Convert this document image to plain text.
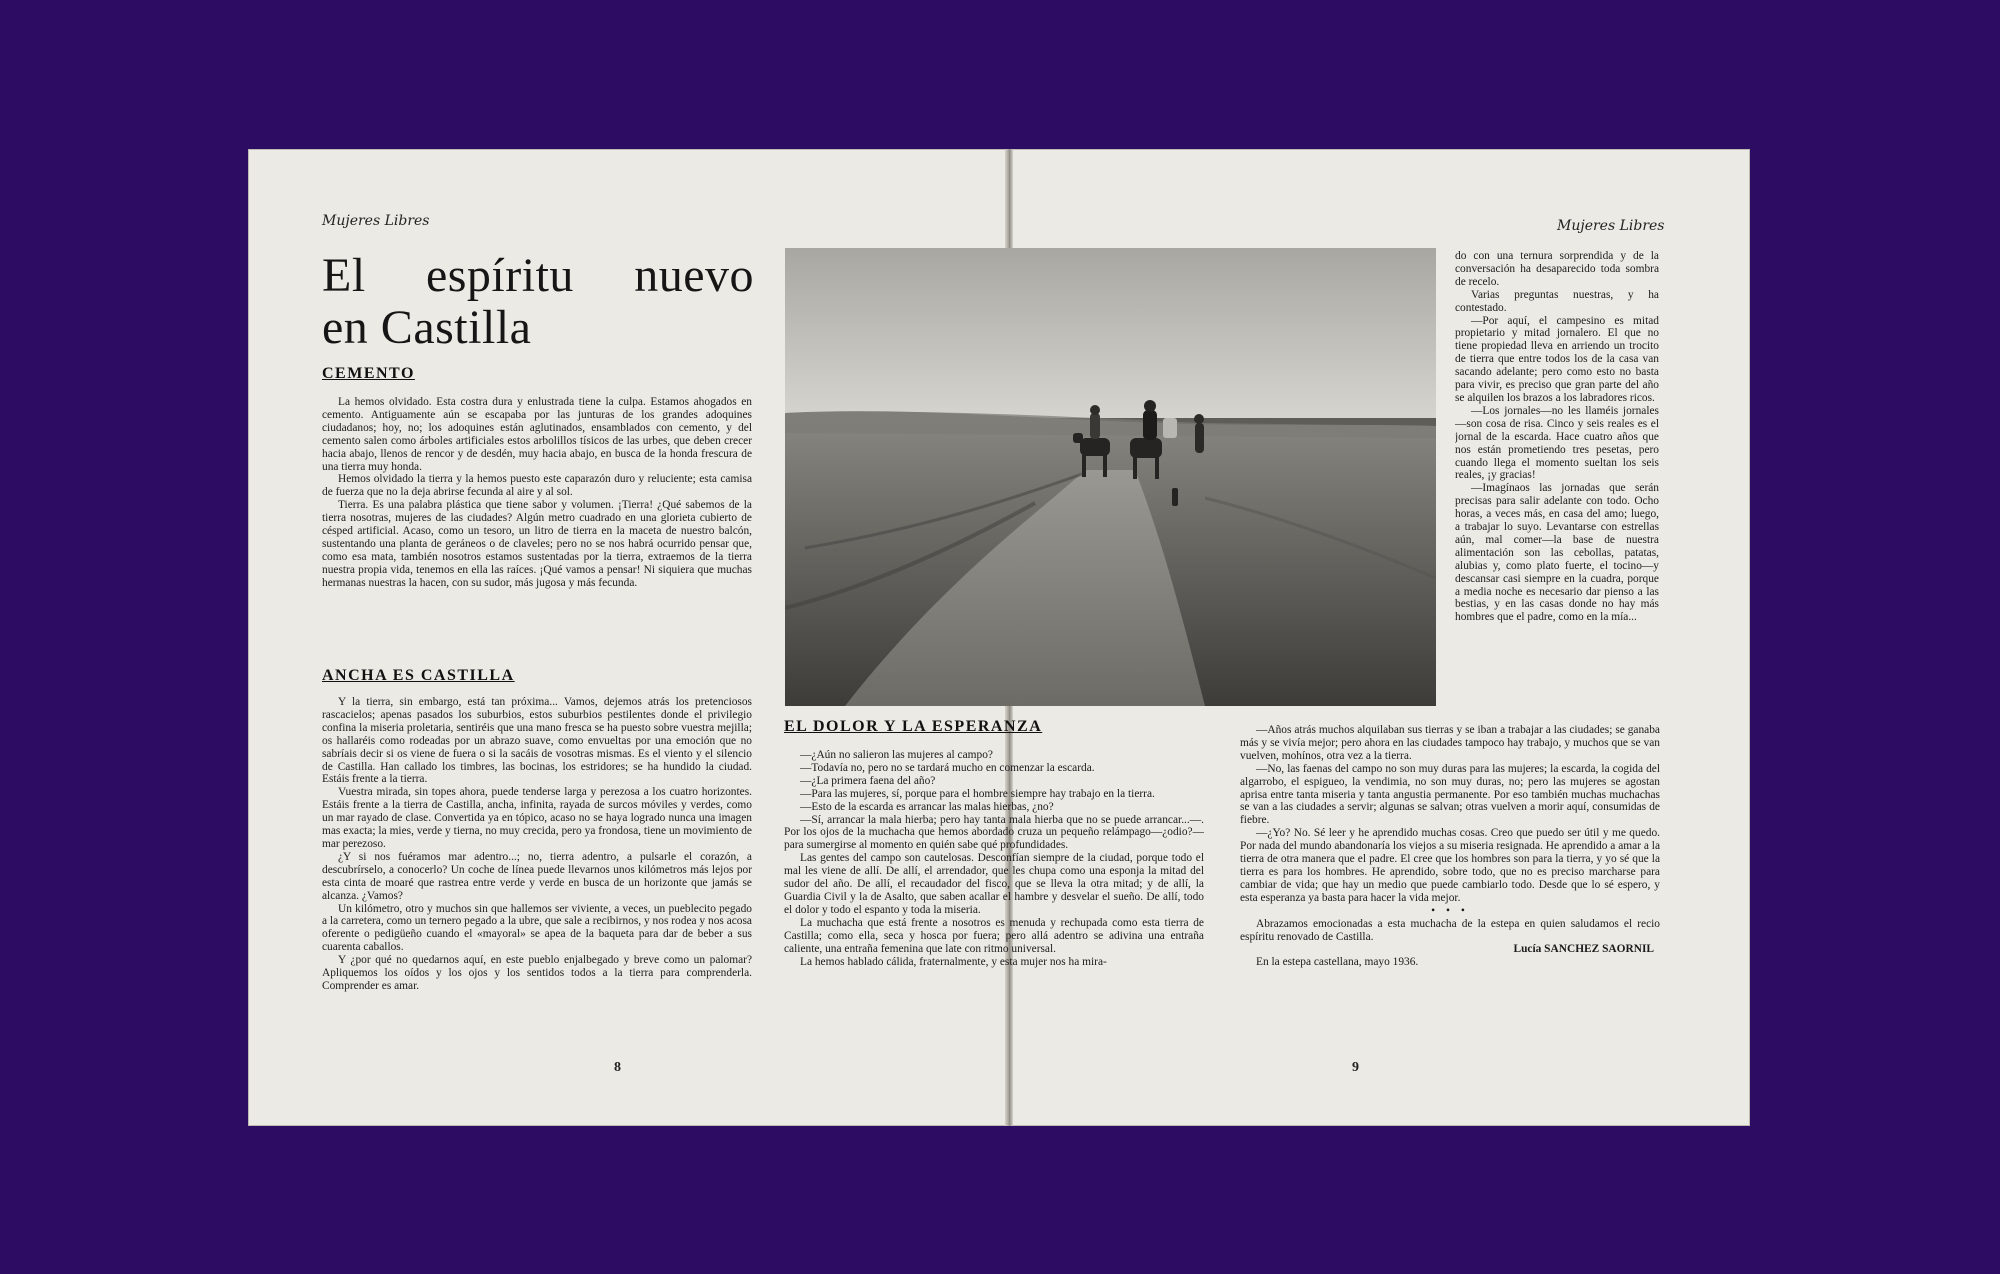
Mujeres Libres	Mujeres Libres
El espíritu nuevo
en Castilla
CEMENTO

La hemos olvidado. Esta costra dura y enlustrada tiene la culpa. Estamos ahogados en cemento. Antiguamente aún se escapaba por las junturas de los grandes adoquines ciudadanos; hoy, no; los adoquines están aglutinados, ensamblados con cemento, y del cemento salen como árboles artificiales estos arbolillos tísicos de las urbes, que deben crecer hacia abajo, llenos de rencor y de desdén, muy hacia abajo, en busca de la honda frescura de una tierra muy honda.

Hemos olvidado la tierra y la hemos puesto este caparazón duro y reluciente; esta camisa de fuerza que no la deja abrirse fecunda al aire y al sol.

Tierra. Es una palabra plástica que tiene sabor y volumen. ¡Tierra! ¿Qué sabemos de la tierra nosotras, mujeres de las ciudades? Algún metro cuadrado en una glorieta cubierto de césped artificial. Acaso, como un tesoro, un litro de tierra en la maceta de nuestro balcón, sustentando una planta de geráneos o de claveles; pero no se nos habrá ocurrido pensar que, como esa mata, también nosotros estamos sustentadas por la tierra, extraemos de la tierra nuestra propia vida, tenemos en ella las raíces. ¡Qué vamos a pensar! Ni siquiera que muchas hermanas nuestras la hacen, con su sudor, más jugosa y más fecunda.

ANCHA ES CASTILLA

Y la tierra, sin embargo, está tan próxima... Vamos, dejemos atrás los pretenciosos rascacielos; apenas pasados los suburbios, estos suburbios pestilentes donde el privilegio confina la miseria proletaria, sentiréis que una mano fresca se ha puesto sobre vuestra mejilla; os hallaréis como rodeadas por un abrazo suave, como envueltas por una emoción que no sabríais decir si os viene de fuera o si la sacáis de vosotras mismas. Es el viento y el silencio de Castilla. Han callado los timbres, las bocinas, los estridores; se ha hundido la ciudad. Estáis frente a la tierra.

Vuestra mirada, sin topes ahora, puede tenderse larga y perezosa a los cuatro horizontes. Estáis frente a la tierra de Castilla, ancha, infinita, rayada de surcos móviles y verdes, como un mar rayado de clase. Convertida ya en tópico, acaso no se haya logrado nunca una imagen mas exacta; la mies, verde y tierna, no muy crecida, pero ya frondosa, tiene un movimiento de mar perezoso.

¿Y si nos fuéramos mar adentro...; no, tierra adentro, a pulsarle el corazón, a descubrírselo, a conocerlo? Un coche de línea puede llevarnos unos kilómetros más lejos por esta cinta de moaré que rastrea entre verde y verde en busca de un horizonte que jamás se alcanza. ¿Vamos?

Un kilómetro, otro y muchos sin que hallemos ser viviente, a veces, un pueblecito pegado a la carretera, como un ternero pegado a la ubre, que sale a recibirnos, y nos rodea y nos acosa oferente o pedigüeño cuando el «mayoral» se apea de la baqueta para dar de beber a sus cuarenta caballos.

Y ¿por qué no quedarnos aquí, en este pueblo enjalbegado y breve como un palomar? Apliquemos los oídos y los ojos y los sentidos todos a la tierra para comprenderla. Comprender es amar.

EL DOLOR Y LA ESPERANZA

—¿Aún no salieron las mujeres al campo?

—Todavía no, pero no se tardará mucho en comenzar la escarda.

—¿La primera faena del año?

—Para las mujeres, sí, porque para el hombre siempre hay trabajo en la tierra.

—Esto de la escarda es arrancar las malas hierbas, ¿no?

—Sí, arrancar la mala hierba; pero hay tanta mala hierba que no se puede arrancar...—. Por los ojos de la muchacha que hemos abordado cruza un pequeño relámpago—¿odio?—para sumergirse al momento en quién sabe qué profundidades.

Las gentes del campo son cautelosas. Desconfían siempre de la ciudad, porque todo el mal les viene de allí. De allí, el arrendador, que les chupa como una esponja la mitad del sudor del año. De allí, el recaudador del fisco, que se lleva la otra mitad; y de allí, la Guardia Civil y la de Asalto, que saben acallar el hambre y desvelar el sueño. De allí, todo el dolor y todo el espanto y toda la miseria.

La muchacha que está frente a nosotros es menuda y rechupada como esta tierra de Castilla; como ella, seca y hosca por fuera; pero allá adentro se adivina una entraña caliente, una entraña femenina que late con ritmo universal.

La hemos hablado cálida, fraternalmente, y esta mujer nos ha mira-

do con una ternura sorprendida y de la conversación ha desaparecido toda sombra de recelo.

Varias preguntas nuestras, y ha contestado.

—Por aquí, el campesino es mitad propietario y mitad jornalero. El que no tiene propiedad lleva en arriendo un trocito de tierra que entre todos los de la casa van sacando adelante; pero como esto no basta para vivir, es preciso que gran parte del año se alquilen los brazos a los labradores ricos.

—Los jornales—no les llaméis jornales—son cosa de risa. Cinco y seis reales es el jornal de la escarda. Hace cuatro años que nos están prometiendo tres pesetas, pero cuando llega el momento sueltan los seis reales, ¡y gracias!

—Imagínaos las jornadas que serán precisas para salir adelante con todo. Ocho horas, a veces más, en casa del amo; luego, a trabajar lo suyo. Levantarse con estrellas aún, mal comer—la base de nuestra alimentación son las cebollas, patatas, alubias y, como plato fuerte, el tocino—y descansar casi siempre en la cuadra, porque a media noche es necesario dar pienso a las bestias, y en las casas donde no hay más hombres que el padre, como en la mía...

—Años atrás muchos alquilaban sus tierras y se iban a trabajar a las ciudades; se ganaba más y se vivía mejor; pero ahora en las ciudades tampoco hay trabajo, y muchos que se van vuelven, mohínos, otra vez a la tierra.

—No, las faenas del campo no son muy duras para las mujeres; la escarda, la cogida del algarrobo, el espigueo, la vendimia, no son muy duras, no; pero las mujeres se agostan aprisa entre tanta miseria y tanta angustia permanente. Por eso también muchas muchachas se van a las ciudades a servir; algunas se salvan; otras vuelven a morir aquí, consumidas de fiebre.

—¿Yo? No. Sé leer y he aprendido muchas cosas. Creo que puedo ser útil y me quedo. Por nada del mundo abandonaría los viejos a su miseria resignada. He aprendido a amar a la tierra de otra manera que el padre. El cree que los hombres son para la tierra, y yo sé que la tierra es para los hombres. He aprendido, sobre todo, que no es preciso marcharse para cambiar de vida; que hay un medio que puede cambiarlo todo. Desde que lo sé espero, y esta esperanza ya basta para hacer la vida mejor.

• • •

Abrazamos emocionadas a esta muchacha de la estepa en quien saludamos el recio espíritu renovado de Castilla.

Lucía SANCHEZ SAORNIL

En la estepa castellana, mayo 1936.

8	9
